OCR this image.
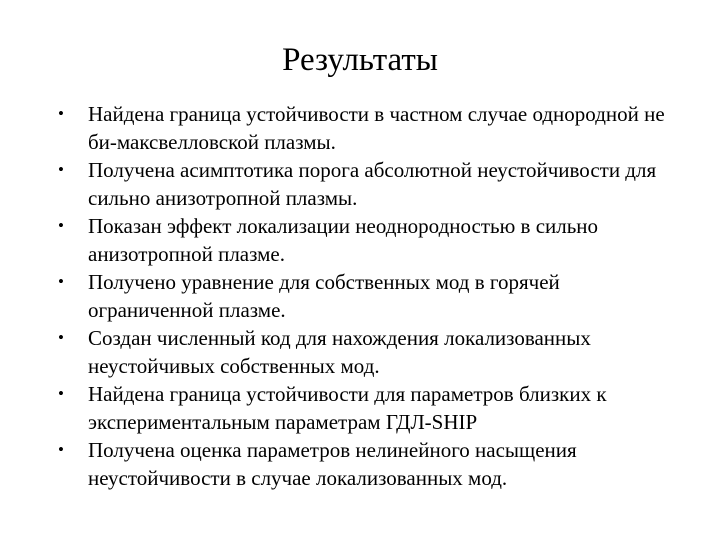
Результаты
•	Найдена граница устойчивости в частном случае однородной не би-максвелловской плазмы.
•	Получена асимптотика порога абсолютной неустойчивости для сильно анизотропной плазмы.
•	Показан эффект локализации неоднородностью в сильно анизотропной плазме.
•	Получено уравнение для собственных мод в горячей ограниченной плазме.
•	Создан численный код для нахождения локализованных неустойчивых собственных мод.
•	Найдена граница устойчивости для параметров близких к экспериментальным параметрам ГДЛ-SHIP
•	Получена оценка параметров нелинейного насыщения неустойчивости в случае локализованных мод.
